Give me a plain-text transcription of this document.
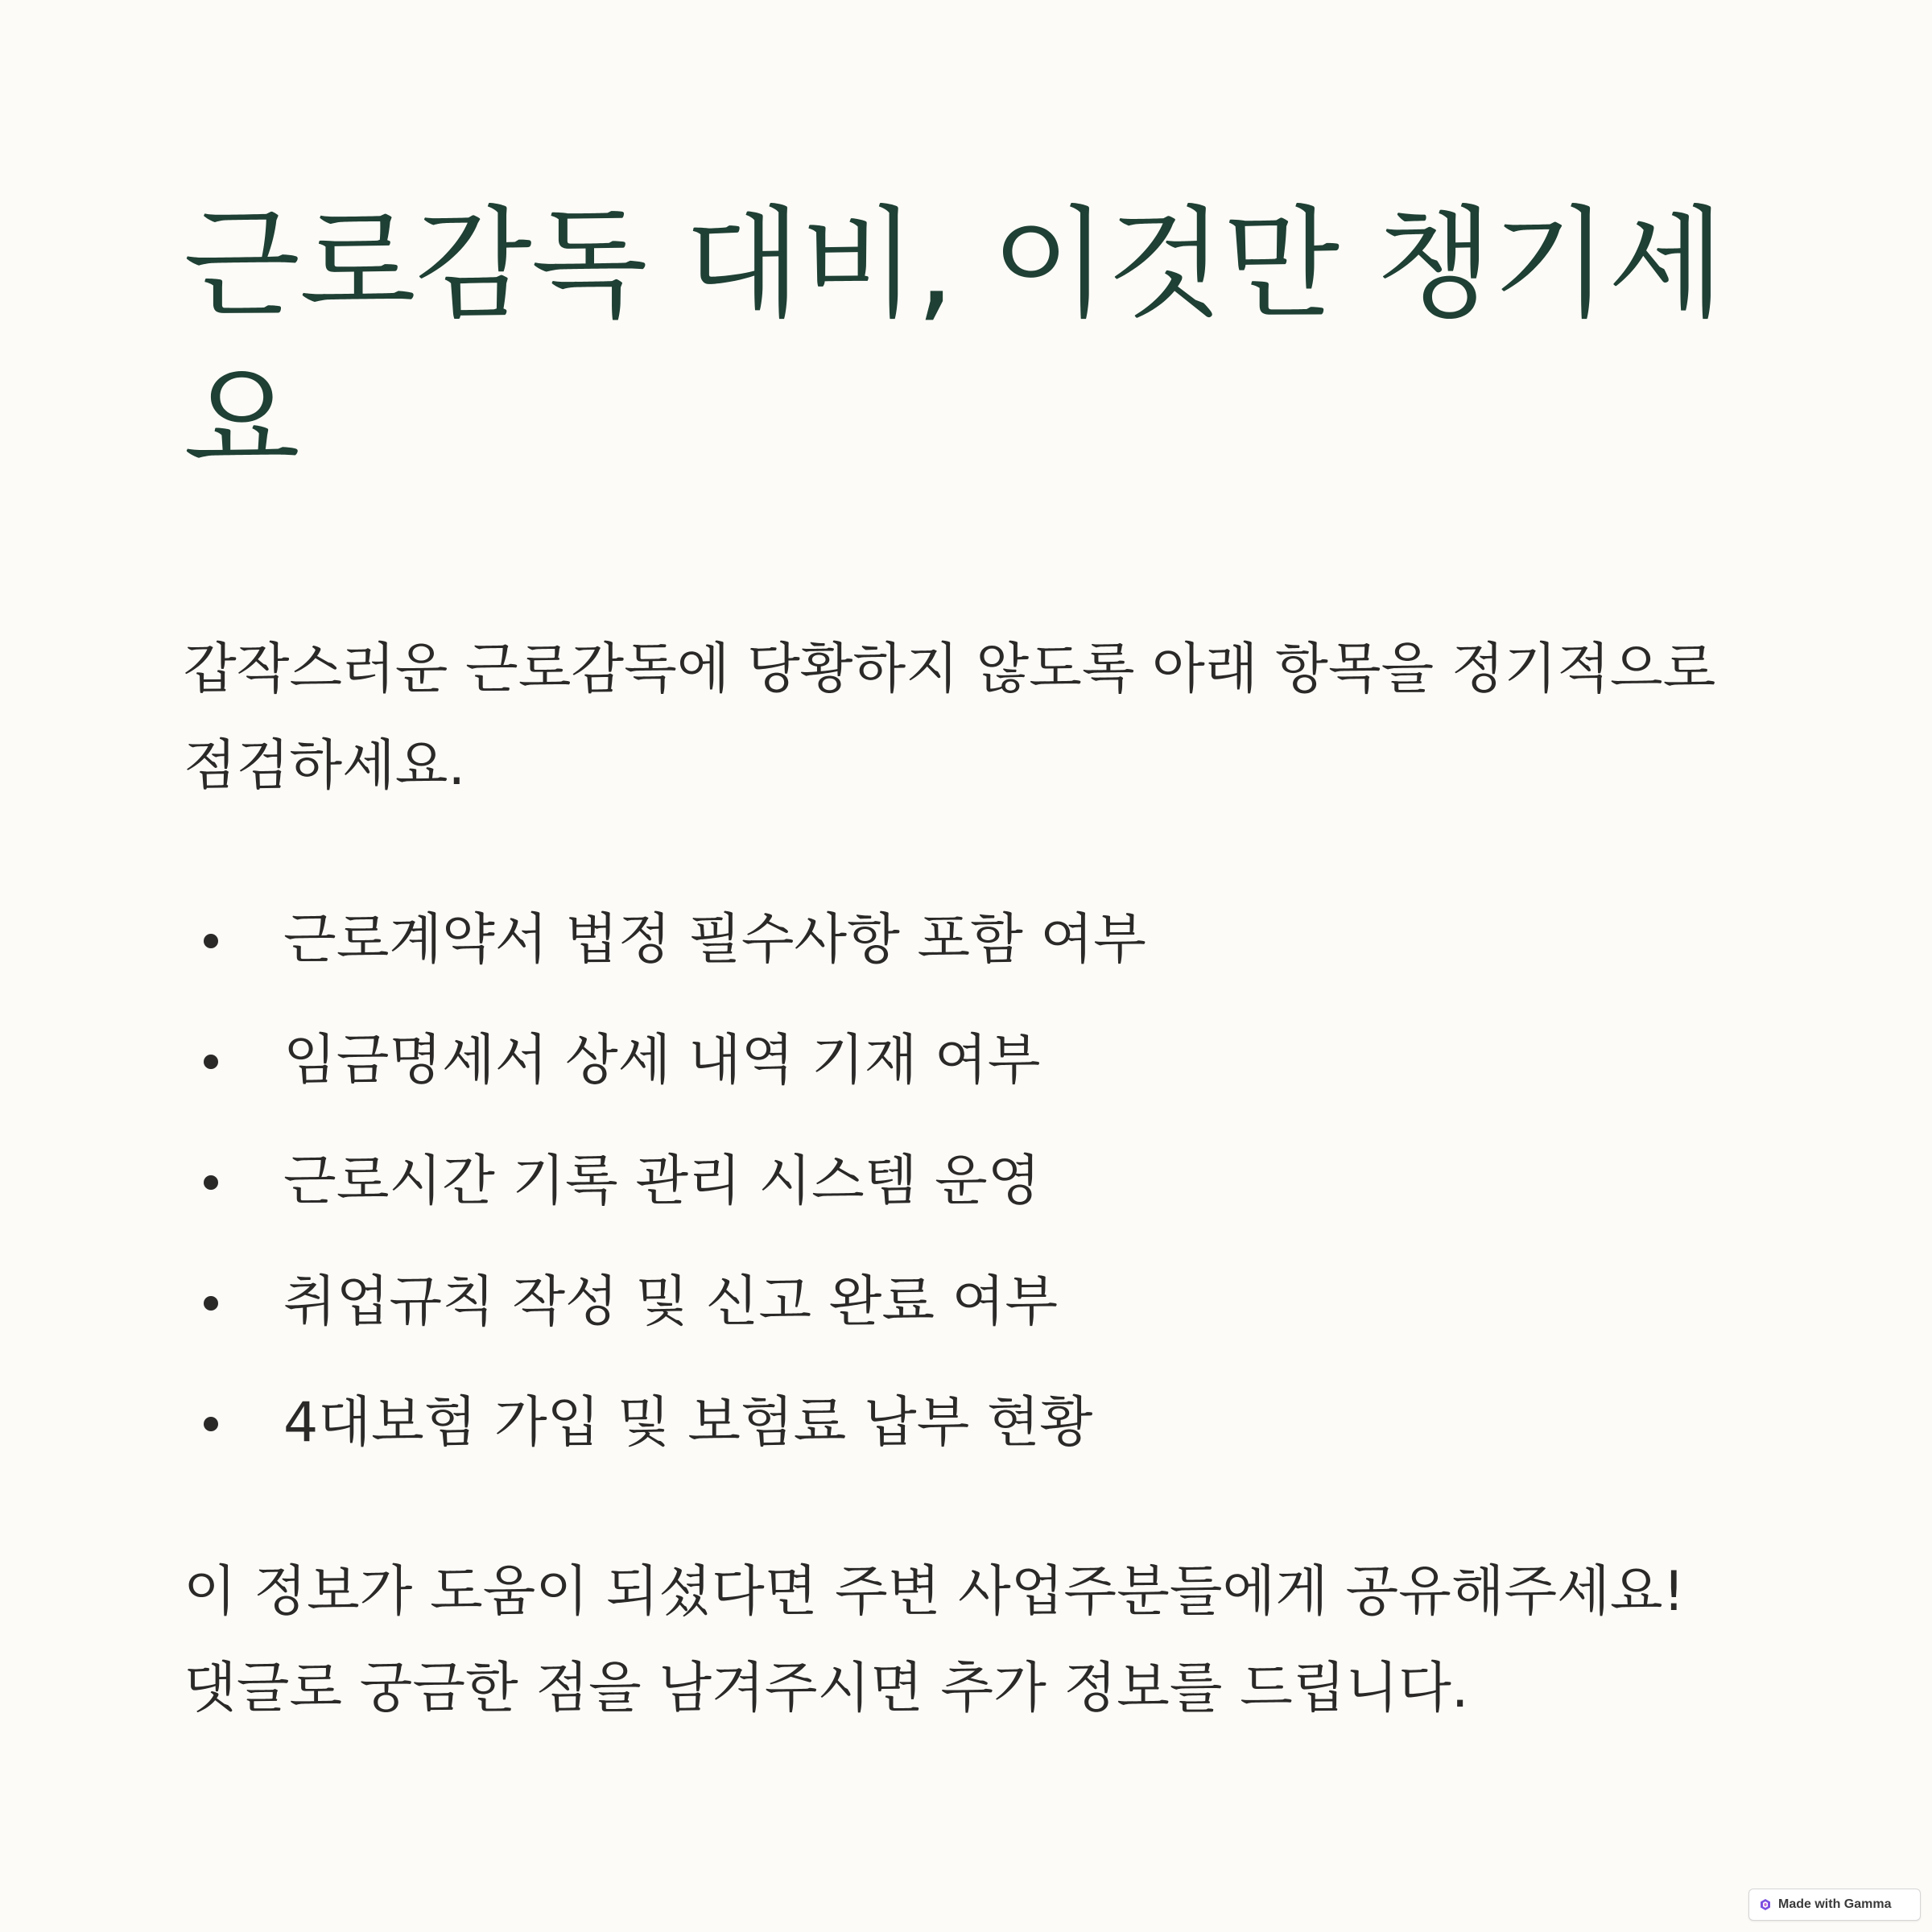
근로감독 대비, 이것만 챙기세요

갑작스러운 근로감독에 당황하지 않도록 아래 항목을 정기적으로 점검하세요.

근로계약서 법정 필수사항 포함 여부
임금명세서 상세 내역 기재 여부
근로시간 기록 관리 시스템 운영
취업규칙 작성 및 신고 완료 여부
4대보험 가입 및 보험료 납부 현황

이 정보가 도움이 되셨다면 주변 사업주분들에게 공유해주세요! 댓글로 궁금한 점을 남겨주시면 추가 정보를 드립니다.

Made with Gamma
